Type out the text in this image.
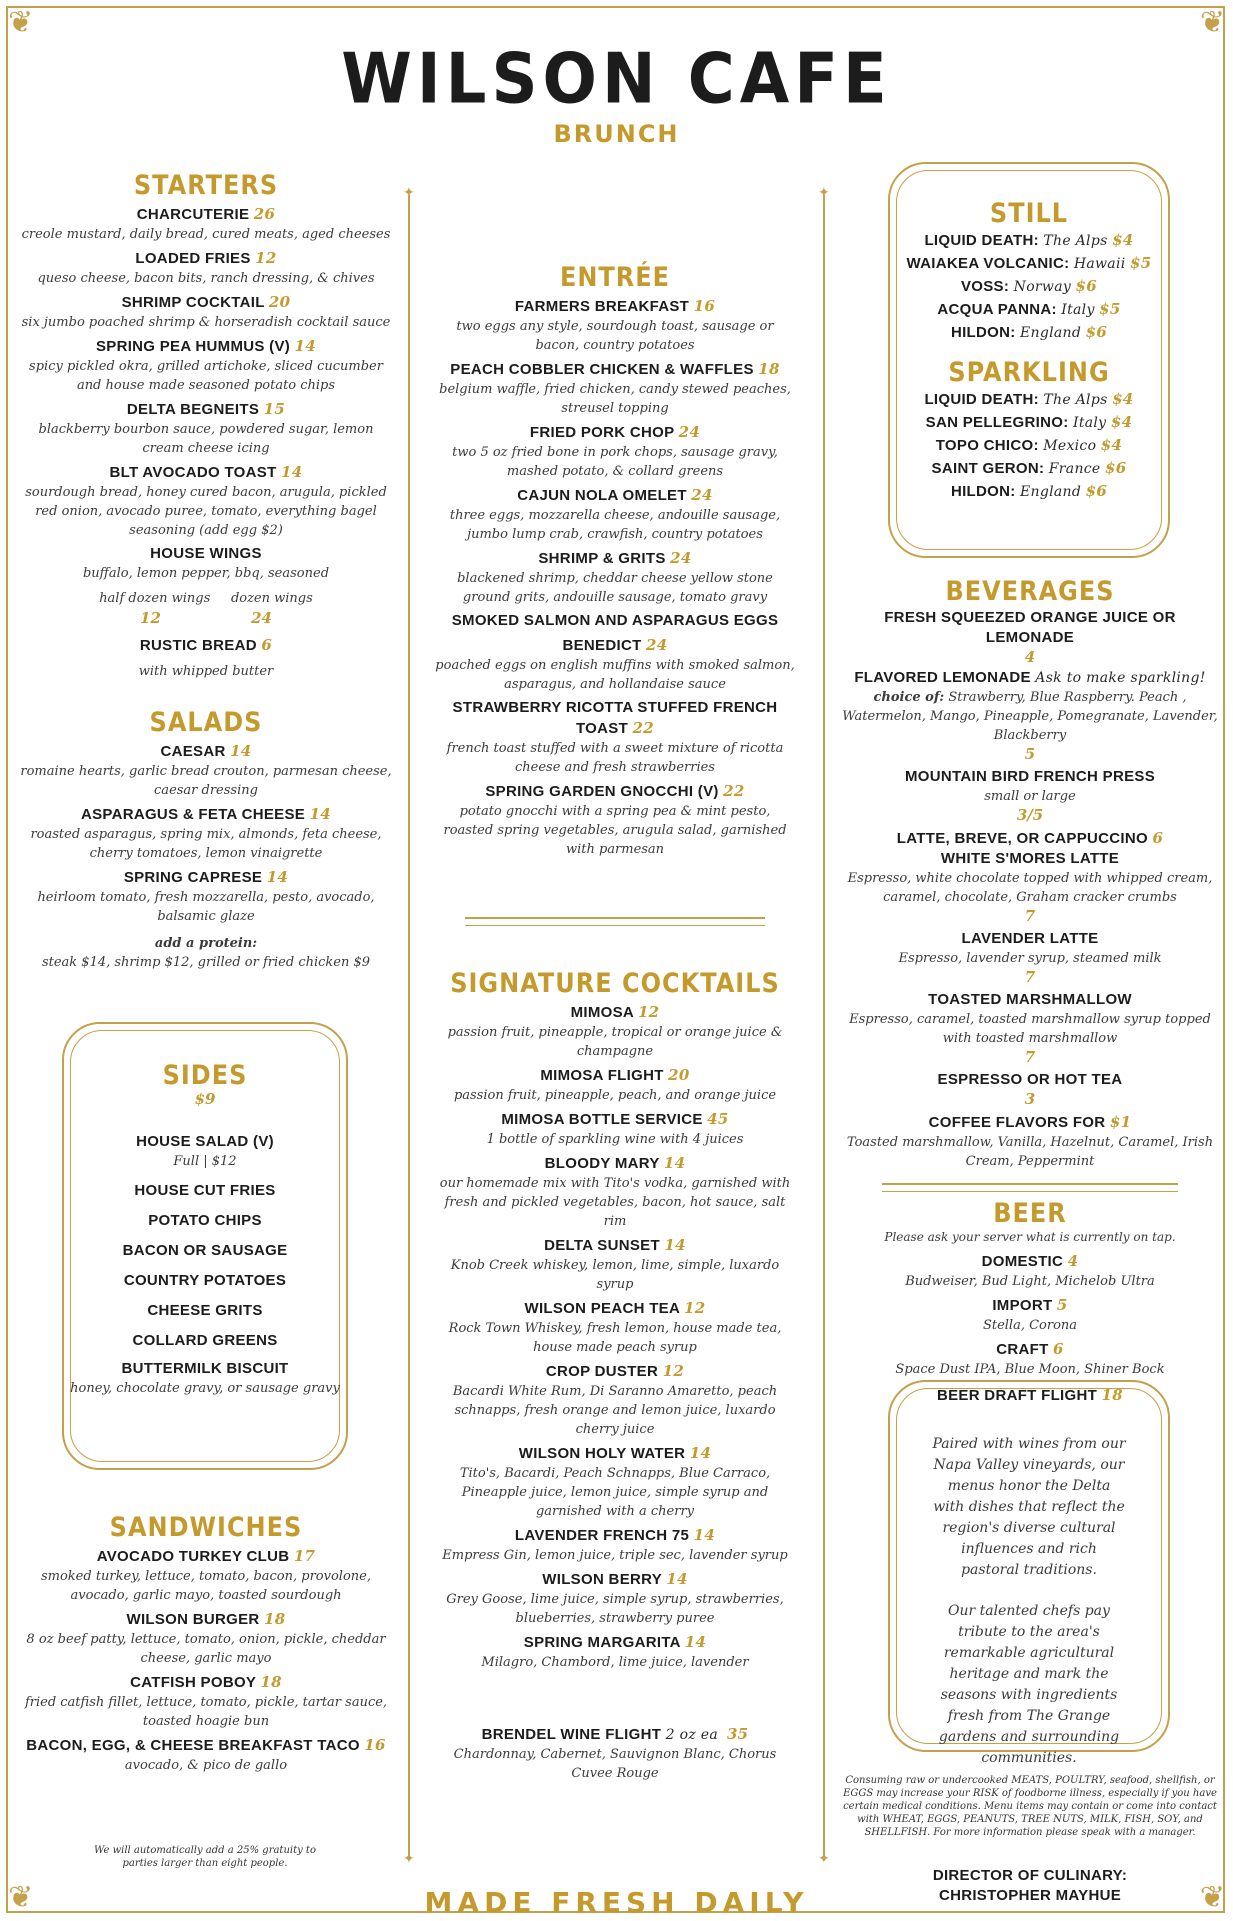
❦	❦
❦	❦
WILSON CAFE
BRUNCH
✦
✦
✦
✦
STARTERS
CHARCUTERIE 26
creole mustard, daily bread, cured meats, aged cheeses
LOADED FRIES 12
queso cheese, bacon bits, ranch dressing, & chives
SHRIMP COCKTAIL 20
six jumbo poached shrimp & horseradish cocktail sauce
SPRING PEA HUMMUS (V) 14
spicy pickled okra, grilled artichoke, sliced cucumber and house made seasoned potato chips
DELTA BEGNEITS 15
blackberry bourbon sauce, powdered sugar, lemon cream cheese icing
BLT AVOCADO TOAST 14
sourdough bread, honey cured bacon, arugula, pickled red onion, avocado puree, tomato, everything bagel seasoning (add egg $2)
HOUSE WINGS
buffalo, lemon pepper, bbq, seasoned
half dozen wings dozen wings
12	24
RUSTIC BREAD 6
with whipped butter
SALADS
CAESAR 14
romaine hearts, garlic bread crouton, parmesan cheese, caesar dressing
ASPARAGUS & FETA CHEESE 14
roasted asparagus, spring mix, almonds, feta cheese, cherry tomatoes, lemon vinaigrette
SPRING CAPRESE 14
heirloom tomato, fresh mozzarella, pesto, avocado, balsamic glaze
add a protein:
steak $14, shrimp $12, grilled or fried chicken $9
SIDES
$9
HOUSE SALAD (V)
Full | $12
HOUSE CUT FRIES
POTATO CHIPS
BACON OR SAUSAGE
COUNTRY POTATOES
CHEESE GRITS
COLLARD GREENS
BUTTERMILK BISCUIT
honey, chocolate gravy, or sausage gravy
SANDWICHES
AVOCADO TURKEY CLUB 17
smoked turkey, lettuce, tomato, bacon, provolone, avocado, garlic mayo, toasted sourdough
WILSON BURGER 18
8 oz beef patty, lettuce, tomato, onion, pickle, cheddar cheese, garlic mayo
CATFISH POBOY 18
fried catfish fillet, lettuce, tomato, pickle, tartar sauce, toasted hoagie bun
BACON, EGG, & CHEESE BREAKFAST TACO 16
avocado, & pico de gallo
We will automatically add a 25% gratuity to parties larger than eight people.
ENTRÉE
FARMERS BREAKFAST 16
two eggs any style, sourdough toast, sausage or bacon, country potatoes
PEACH COBBLER CHICKEN & WAFFLES 18
belgium waffle, fried chicken, candy stewed peaches, streusel topping
FRIED PORK CHOP 24
two 5 oz fried bone in pork chops, sausage gravy, mashed potato, & collard greens
CAJUN NOLA OMELET 24
three eggs, mozzarella cheese, andouille sausage, jumbo lump crab, crawfish, country potatoes
SHRIMP & GRITS 24
blackened shrimp, cheddar cheese yellow stone ground grits, andouille sausage, tomato gravy
SMOKED SALMON AND ASPARAGUS EGGS
BENEDICT 24
poached eggs on english muffins with smoked salmon, asparagus, and hollandaise sauce
STRAWBERRY RICOTTA STUFFED FRENCH TOAST 22
french toast stuffed with a sweet mixture of ricotta cheese and fresh strawberries
SPRING GARDEN GNOCCHI (V) 22
potato gnocchi with a spring pea & mint pesto, roasted spring vegetables, arugula salad, garnished with parmesan
SIGNATURE COCKTAILS
MIMOSA 12
passion fruit, pineapple, tropical or orange juice & champagne
MIMOSA FLIGHT 20
passion fruit, pineapple, peach, and orange juice
MIMOSA BOTTLE SERVICE 45
1 bottle of sparkling wine with 4 juices
BLOODY MARY 14
our homemade mix with Tito's vodka, garnished with fresh and pickled vegetables, bacon, hot sauce, salt rim
DELTA SUNSET 14
Knob Creek whiskey, lemon, lime, simple, luxardo syrup
WILSON PEACH TEA 12
Rock Town Whiskey, fresh lemon, house made tea, house made peach syrup
CROP DUSTER 12
Bacardi White Rum, Di Saranno Amaretto, peach schnapps, fresh orange and lemon juice, luxardo cherry juice
WILSON HOLY WATER 14
Tito's, Bacardi, Peach Schnapps, Blue Carraco, Pineapple juice, lemon juice, simple syrup and garnished with a cherry
LAVENDER FRENCH 75 14
Empress Gin, lemon juice, triple sec, lavender syrup
WILSON BERRY 14
Grey Goose, lime juice, simple syrup, strawberries, blueberries, strawberry puree
SPRING MARGARITA 14
Milagro, Chambord, lime juice, lavender
BRENDEL WINE FLIGHT 2 oz ea 35
Chardonnay, Cabernet, Sauvignon Blanc, Chorus Cuvee Rouge
STILL
LIQUID DEATH: The Alps $4
WAIAKEA VOLCANIC: Hawaii $5
VOSS: Norway $6
ACQUA PANNA: Italy $5
HILDON: England $6
SPARKLING
LIQUID DEATH: The Alps $4
SAN PELLEGRINO: Italy $4
TOPO CHICO: Mexico $4
SAINT GERON: France $6
HILDON: England $6
BEVERAGES
FRESH SQUEEZED ORANGE JUICE OR LEMONADE
4
FLAVORED LEMONADE Ask to make sparkling!
choice of: Strawberry, Blue Raspberry. Peach , Watermelon, Mango, Pineapple, Pomegranate, Lavender, Blackberry
5
MOUNTAIN BIRD FRENCH PRESS
small or large
3/5
LATTE, BREVE, OR CAPPUCCINO 6
WHITE S'MORES LATTE
Espresso, white chocolate topped with whipped cream, caramel, chocolate, Graham cracker crumbs
7
LAVENDER LATTE
Espresso, lavender syrup, steamed milk
7
TOASTED MARSHMALLOW
Espresso, caramel, toasted marshmallow syrup topped with toasted marshmallow
7
ESPRESSO OR HOT TEA
3
COFFEE FLAVORS FOR $1
Toasted marshmallow, Vanilla, Hazelnut, Caramel, Irish Cream, Peppermint
BEER
Please ask your server what is currently on tap.
DOMESTIC 4
Budweiser, Bud Light, Michelob Ultra
IMPORT 5
Stella, Corona
CRAFT 6
Space Dust IPA, Blue Moon, Shiner Bock
BEER DRAFT FLIGHT 18
Paired with wines from our Napa Valley vineyards, our menus honor the Delta with dishes that reflect the region's diverse cultural influences and rich pastoral traditions.
Our talented chefs pay tribute to the area's remarkable agricultural heritage and mark the seasons with ingredients fresh from The Grange gardens and surrounding communities.
Consuming raw or undercooked MEATS, POULTRY, seafood, shellfish, or EGGS may increase your RISK of foodborne illness, especially if you have certain medical conditions. Menu items may contain or come into contact with WHEAT, EGGS, PEANUTS, TREE NUTS, MILK, FISH, SOY, and SHELLFISH. For more information please speak with a manager.
DIRECTOR OF CULINARY:
CHRISTOPHER MAYHUE
MADE FRESH DAILY
